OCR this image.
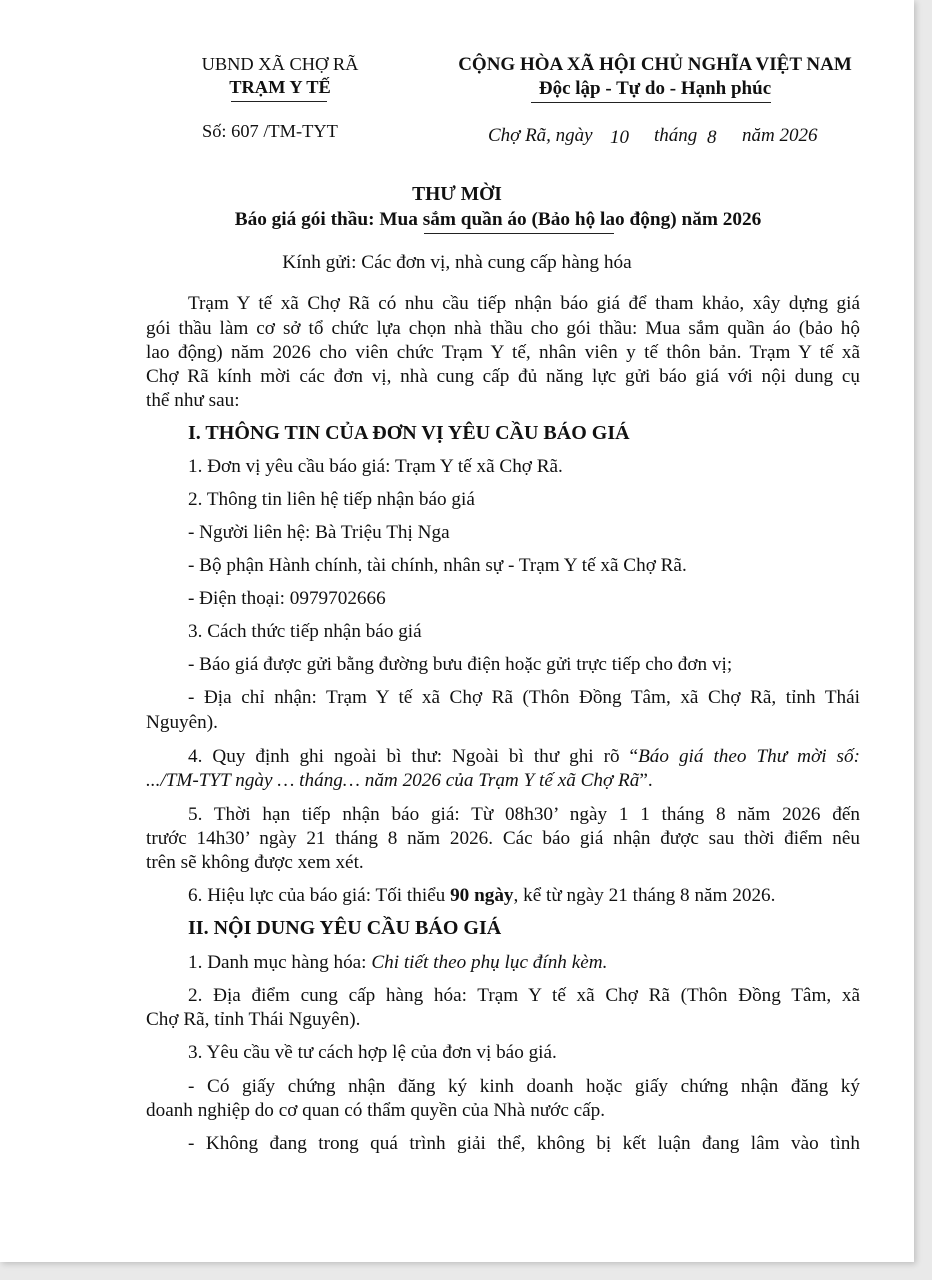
UBND XÃ CHỢ RÃ
TRẠM Y TẾ
Số: 607 /TM-TYT
CỘNG HÒA XÃ HỘI CHỦ NGHĨA VIỆT NAM
Độc lập - Tự do - Hạnh phúc
Chợ Rã, ngày 10 tháng 8 năm 2026
THƯ MỜI
Báo giá gói thầu: Mua sắm quần áo (Bảo hộ lao động) năm 2026
Kính gửi: Các đơn vị, nhà cung cấp hàng hóa
Trạm Y tế xã Chợ Rã có nhu cầu tiếp nhận báo giá để tham khảo, xây dựng giá
gói thầu làm cơ sở tổ chức lựa chọn nhà thầu cho gói thầu: Mua sắm quần áo (bảo hộ
lao động) năm 2026 cho viên chức Trạm Y tế, nhân viên y tế thôn bản. Trạm Y tế xã
Chợ Rã kính mời các đơn vị, nhà cung cấp đủ năng lực gửi báo giá với nội dung cụ
thể như sau:
I. THÔNG TIN CỦA ĐƠN VỊ YÊU CẦU BÁO GIÁ
1. Đơn vị yêu cầu báo giá: Trạm Y tế xã Chợ Rã.
2. Thông tin liên hệ tiếp nhận báo giá
- Người liên hệ: Bà Triệu Thị Nga
- Bộ phận Hành chính, tài chính, nhân sự - Trạm Y tế xã Chợ Rã.
- Điện thoại: 0979702666
3. Cách thức tiếp nhận báo giá
- Báo giá được gửi bằng đường bưu điện hoặc gửi trực tiếp cho đơn vị;
- Địa chỉ nhận: Trạm Y tế xã Chợ Rã (Thôn Đồng Tâm, xã Chợ Rã, tỉnh Thái
Nguyên).
4. Quy định ghi ngoài bì thư: Ngoài bì thư ghi rõ “Báo giá theo Thư mời số:
.../TM-TYT ngày … tháng… năm 2026 của Trạm Y tế xã Chợ Rã”.
5. Thời hạn tiếp nhận báo giá: Từ 08h30’ ngày 1 1 tháng 8 năm 2026 đến
trước 14h30’ ngày 21 tháng 8 năm 2026. Các báo giá nhận được sau thời điểm nêu
trên sẽ không được xem xét.
6. Hiệu lực của báo giá: Tối thiểu 90 ngày, kể từ ngày 21 tháng 8 năm 2026.
II. NỘI DUNG YÊU CẦU BÁO GIÁ
1. Danh mục hàng hóa: Chi tiết theo phụ lục đính kèm.
2. Địa điểm cung cấp hàng hóa: Trạm Y tế xã Chợ Rã (Thôn Đồng Tâm, xã
Chợ Rã, tỉnh Thái Nguyên).
3. Yêu cầu về tư cách hợp lệ của đơn vị báo giá.
- Có giấy chứng nhận đăng ký kinh doanh hoặc giấy chứng nhận đăng ký
doanh nghiệp do cơ quan có thẩm quyền của Nhà nước cấp.
- Không đang trong quá trình giải thể, không bị kết luận đang lâm vào tình
